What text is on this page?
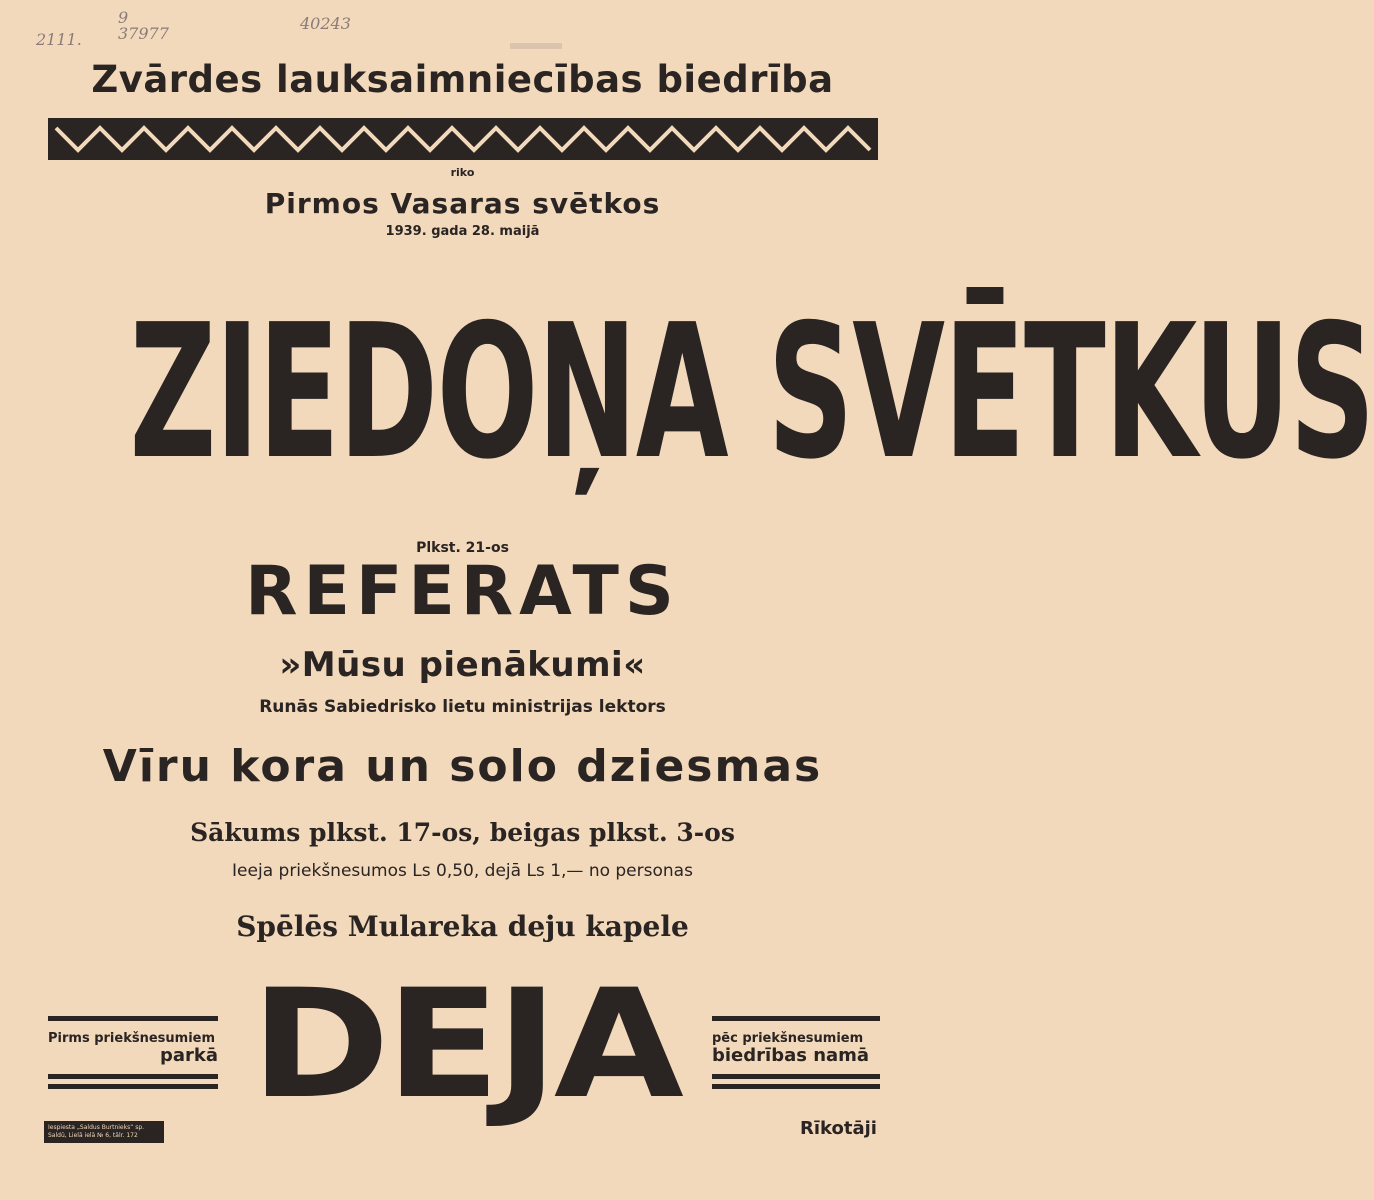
2111.
9 37977
40243
Zvārdes lauksaimniecības biedrība
riko
Pirmos Vasaras svētkos
1939. gada 28. maijā
ZIEDOŅA SVĒTKUS
Plkst. 21-os
REFERATS
»Mūsu pienākumi«
Runās Sabiedrisko lietu ministrijas lektors
Vīru kora un solo dziesmas
Sākums plkst. 17-os, beigas plkst. 3-os
Ieeja priekšnesumos Ls 0,50, dejā Ls 1,— no personas
Spēlēs Mulareka deju kapele
Pirms priekšnesumiem
parkā DEJA	pēc priekšnesumiem
biedrības namā
Iespiesta „Saldus Burtnieks“ sp. Saldū, Lielā ielā № 6, tālr. 172	Rīkotāji
